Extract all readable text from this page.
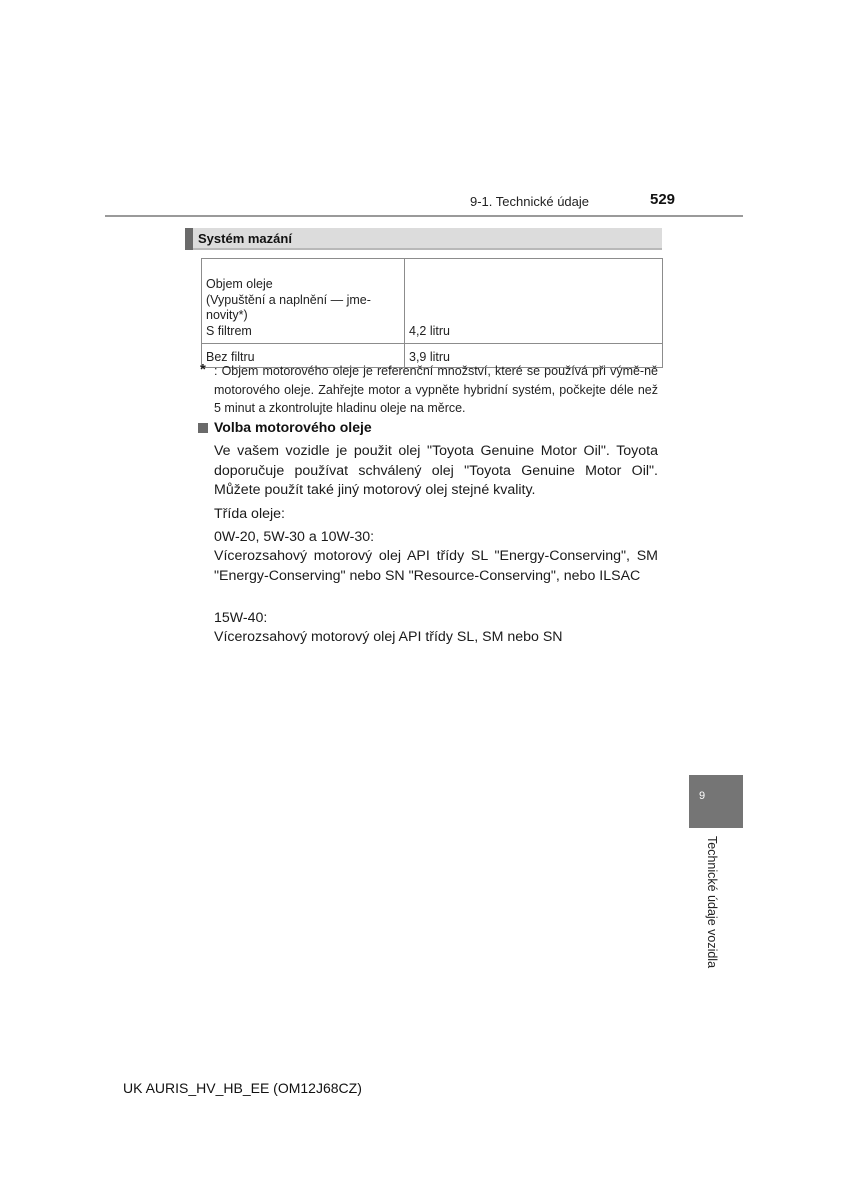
9-1. Technické údaje	529
Systém mazání
Objem oleje
(Vypuštění a naplnění — jme-
novity*)
S filtrem	4,2 litru
Bez filtru	3,9 litru
* : Objem motorového oleje je referenční množství, které se používá při výmě-ně motorového oleje. Zahřejte motor a vypněte hybridní systém, počkejte déle než 5 minut a zkontrolujte hladinu oleje na měrce.
Volba motorového oleje
Ve vašem vozidle je použit olej "Toyota Genuine Motor Oil". Toyota doporučuje používat schválený olej "Toyota Genuine Motor Oil". Můžete použít také jiný motorový olej stejné kvality.
Třída oleje:
0W-20, 5W-30 a 10W-30:
Vícerozsahový motorový olej API třídy SL "Energy-Conserving", SM "Energy-Conserving" nebo SN "Resource-Conserving", nebo ILSAC
15W-40:
Vícerozsahový motorový olej API třídy SL, SM nebo SN
9
Technické údaje vozidla
UK AURIS_HV_HB_EE (OM12J68CZ)
